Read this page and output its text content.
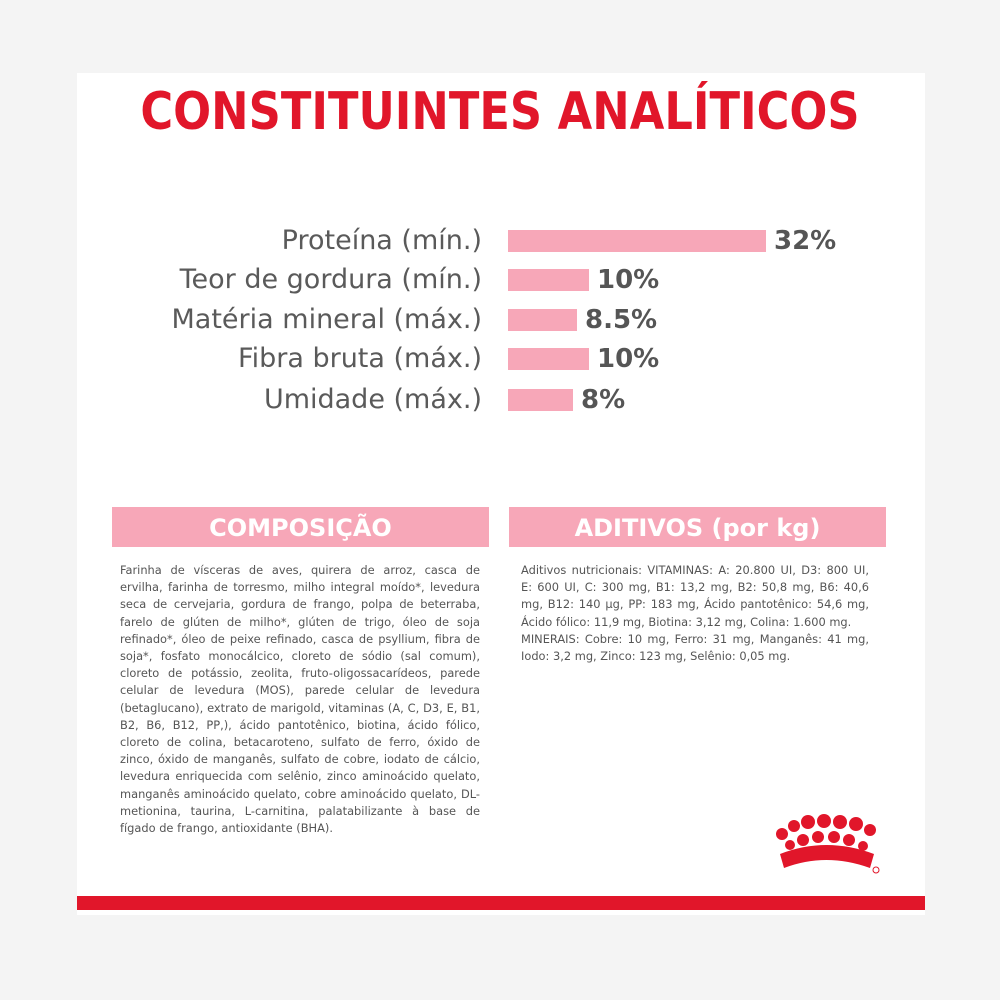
CONSTITUINTES ANALÍTICOS
Proteína (mín.)	32%
Teor de gordura (mín.)	10%
Matéria mineral (máx.)	8.5%
Fibra bruta (máx.)	10%
Umidade (máx.)	8%
COMPOSIÇÃO

Farinha de vísceras de aves, quirera de arroz, casca de ervilha, farinha de torresmo, milho integral moído*, levedura seca de cervejaria, gordura de frango, polpa de beterraba, farelo de glúten de milho*, glúten de trigo, óleo de soja refinado*, óleo de peixe refinado, casca de psyllium, fibra de soja*, fosfato monocálcico, cloreto de sódio (sal comum), cloreto de potássio, zeolita, fruto-oligossacarídeos, parede celular de levedura (MOS), parede celular de levedura (betaglucano), extrato de marigold, vitaminas (A, C, D3, E, B1, B2, B6, B12, PP,), ácido pantotênico, biotina, ácido fólico, cloreto de colina, betacaroteno, sulfato de ferro, óxido de zinco, óxido de manganês, sulfato de cobre, iodato de cálcio, levedura enriquecida com selênio, zinco aminoácido quelato, manganês aminoácido quelato, cobre aminoácido quelato, DL-metionina, taurina, L-carnitina, palatabilizante à base de fígado de frango, antioxidante (BHA).

ADITIVOS (por kg)

Aditivos nutricionais: VITAMINAS: A: 20.800 UI, D3: 800 UI, E: 600 UI, C: 300 mg, B1: 13,2 mg, B2: 50,8 mg, B6: 40,6 mg, B12: 140 µg, PP: 183 mg, Ácido pantotênico: 54,6 mg, Ácido fólico: 11,9 mg, Biotina: 3,12 mg, Colina: 1.600 mg.

MINERAIS: Cobre: 10 mg, Ferro: 31 mg, Manganês: 41 mg, Iodo: 3,2 mg, Zinco: 123 mg, Selênio: 0,05 mg.
